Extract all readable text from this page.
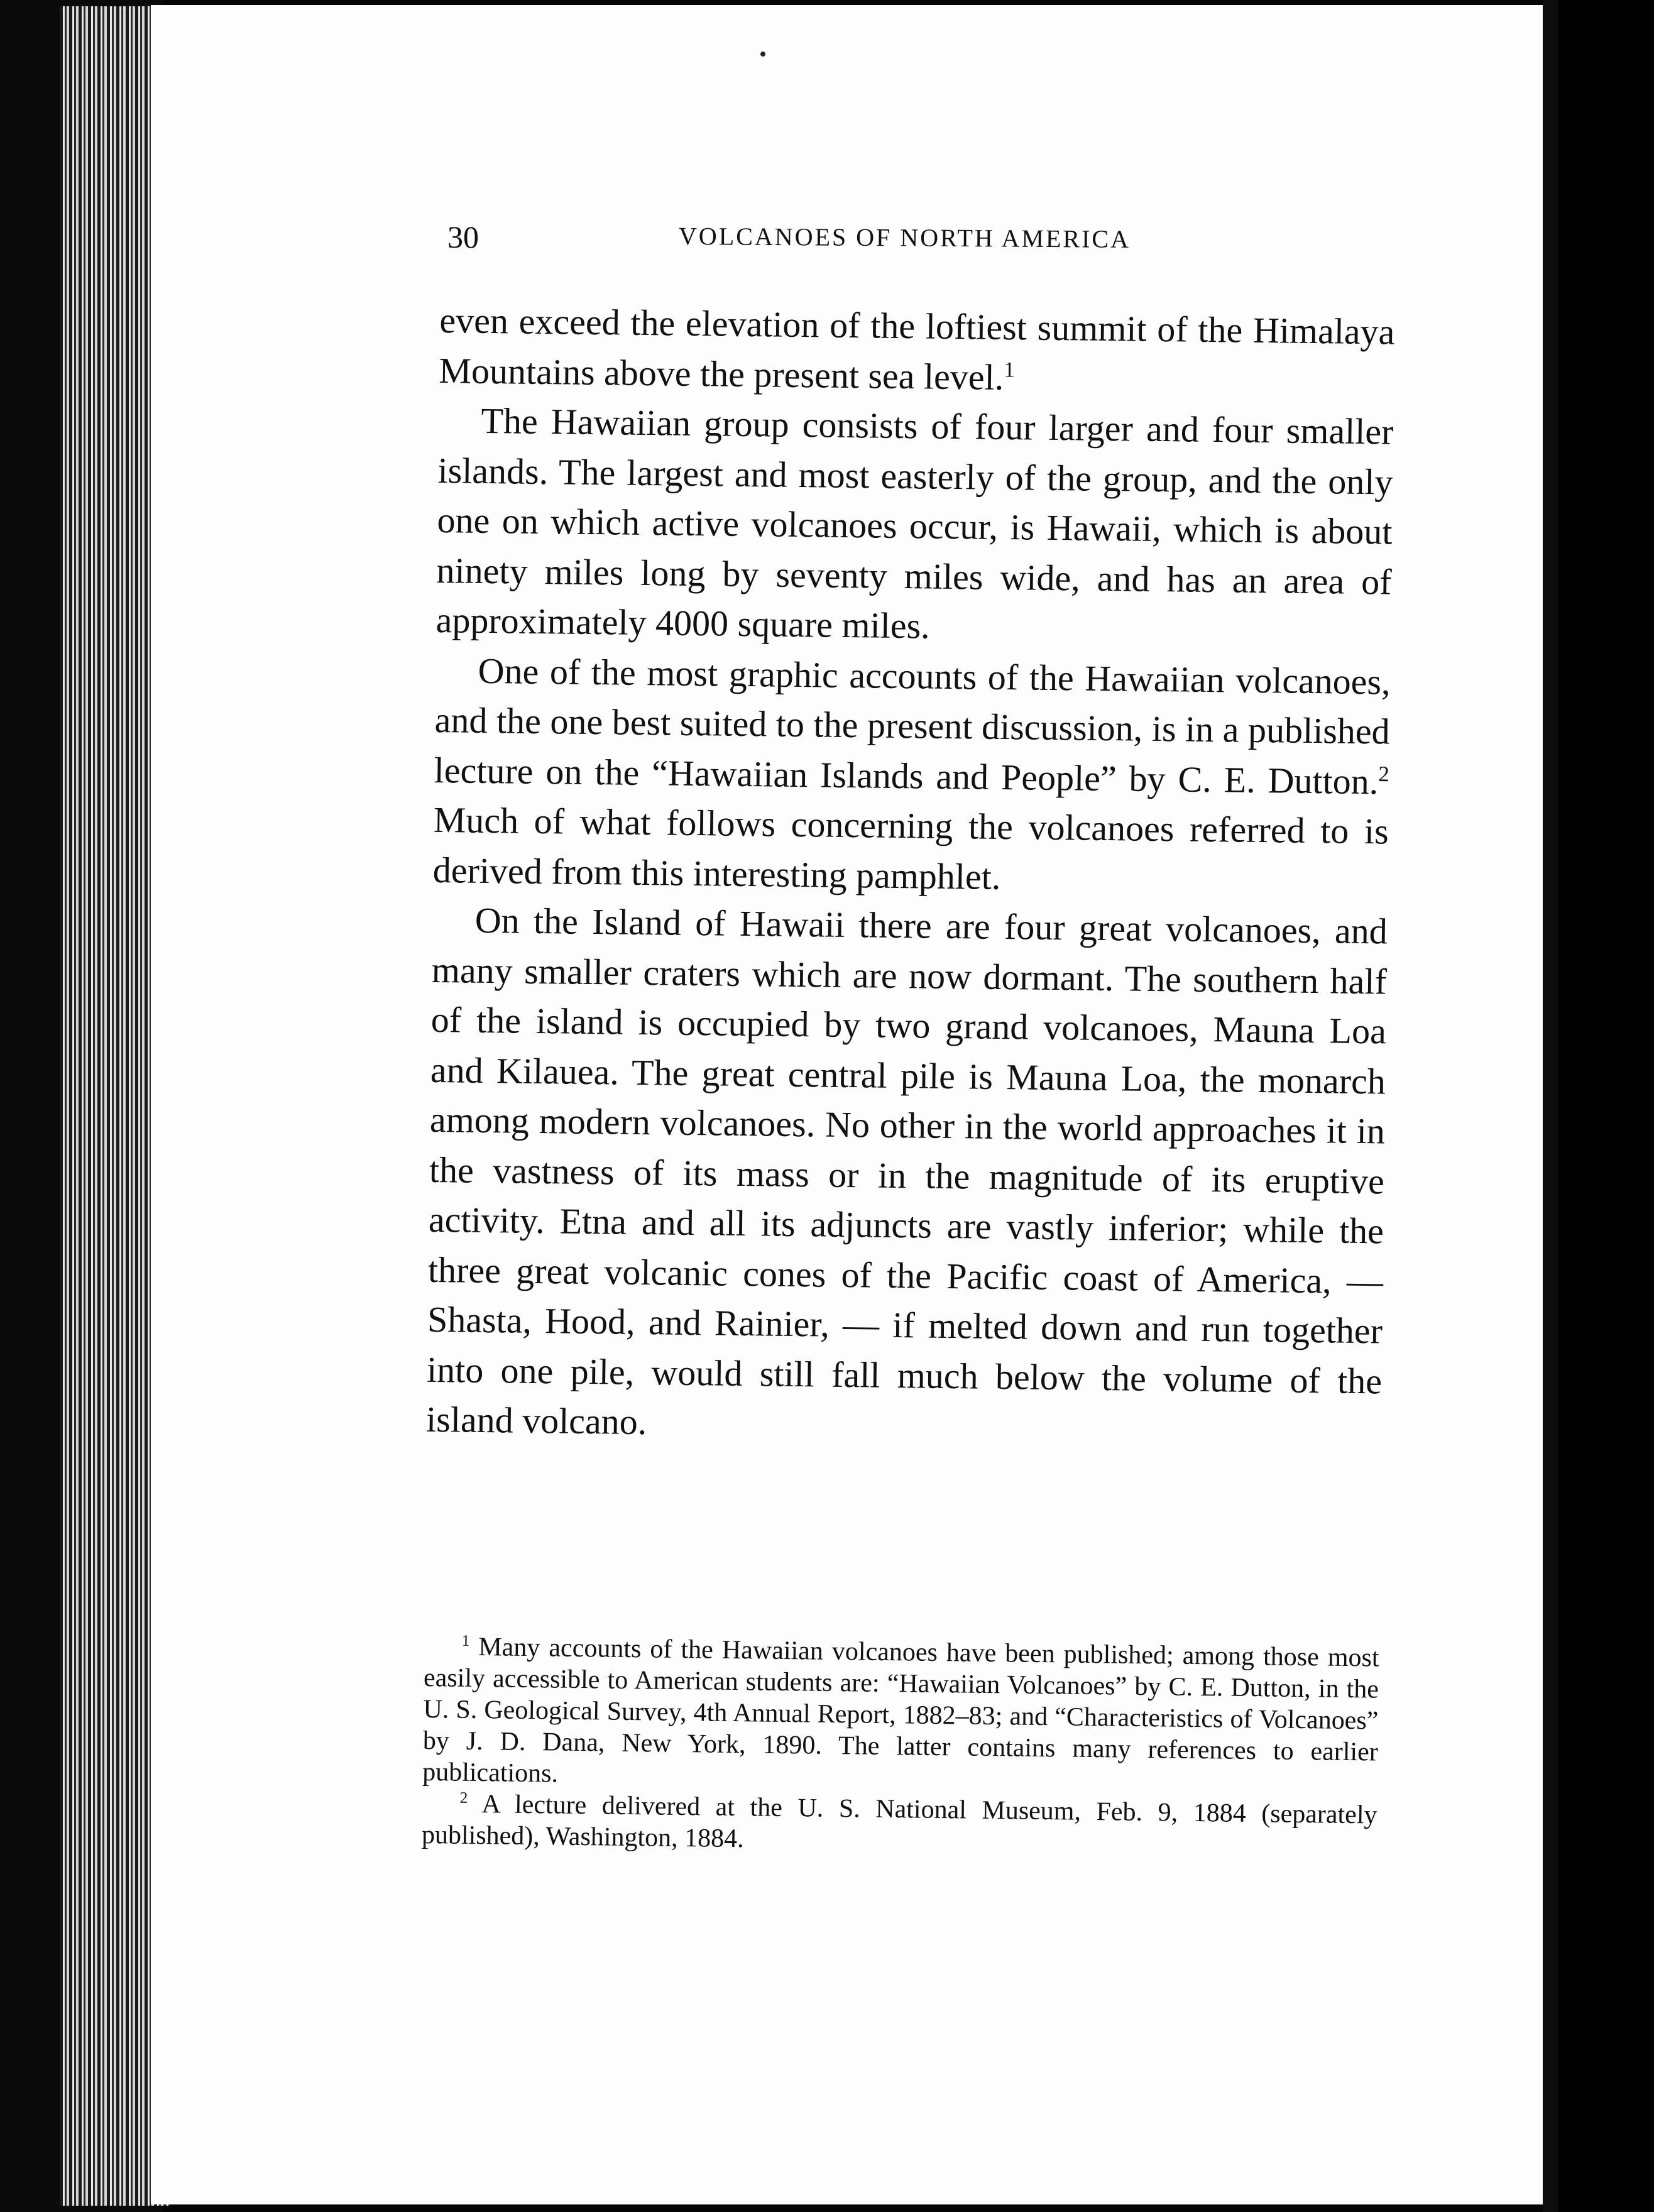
30	VOLCANOES OF NORTH AMERICA

even exceed the elevation of the loftiest summit of the Himalaya Mountains above the present sea level.$^1$

The Hawaiian group consists of four larger and four smaller islands. The largest and most easterly of the group, and the only one on which active volcanoes occur, is Hawaii, which is about ninety miles long by seventy miles wide, and has an area of approximately 4000 square miles.

One of the most graphic accounts of the Hawaiian volcanoes, and the one best suited to the present discussion, is in a published lecture on the “Hawaiian Islands and People” by C. E. Dutton.$^2$ Much of what follows concerning the volcanoes referred to is derived from this interesting pamphlet.

On the Island of Hawaii there are four great volcanoes, and many smaller craters which are now dormant. The southern half of the island is occupied by two grand volcanoes, Mauna Loa and Kilauea. The great central pile is Mauna Loa, the monarch among modern volcanoes. No other in the world approaches it in the vastness of its mass or in the magnitude of its eruptive activity. Etna and all its adjuncts are vastly inferior; while the three great volcanic cones of the Pacific coast of America, — Shasta, Hood, and Rainier, — if melted down and run together into one pile, would still fall much below the volume of the island volcano.

$^1$ Many accounts of the Hawaiian volcanoes have been published; among those most easily accessible to American students are: “Hawaiian Volcanoes” by C. E. Dutton, in the U. S. Geological Survey, 4th Annual Report, 1882–83; and “Characteristics of Volcanoes” by J. D. Dana, New York, 1890. The latter contains many references to earlier publications.

$^2$ A lecture delivered at the U. S. National Museum, Feb. 9, 1884 (separately published), Washington, 1884.
